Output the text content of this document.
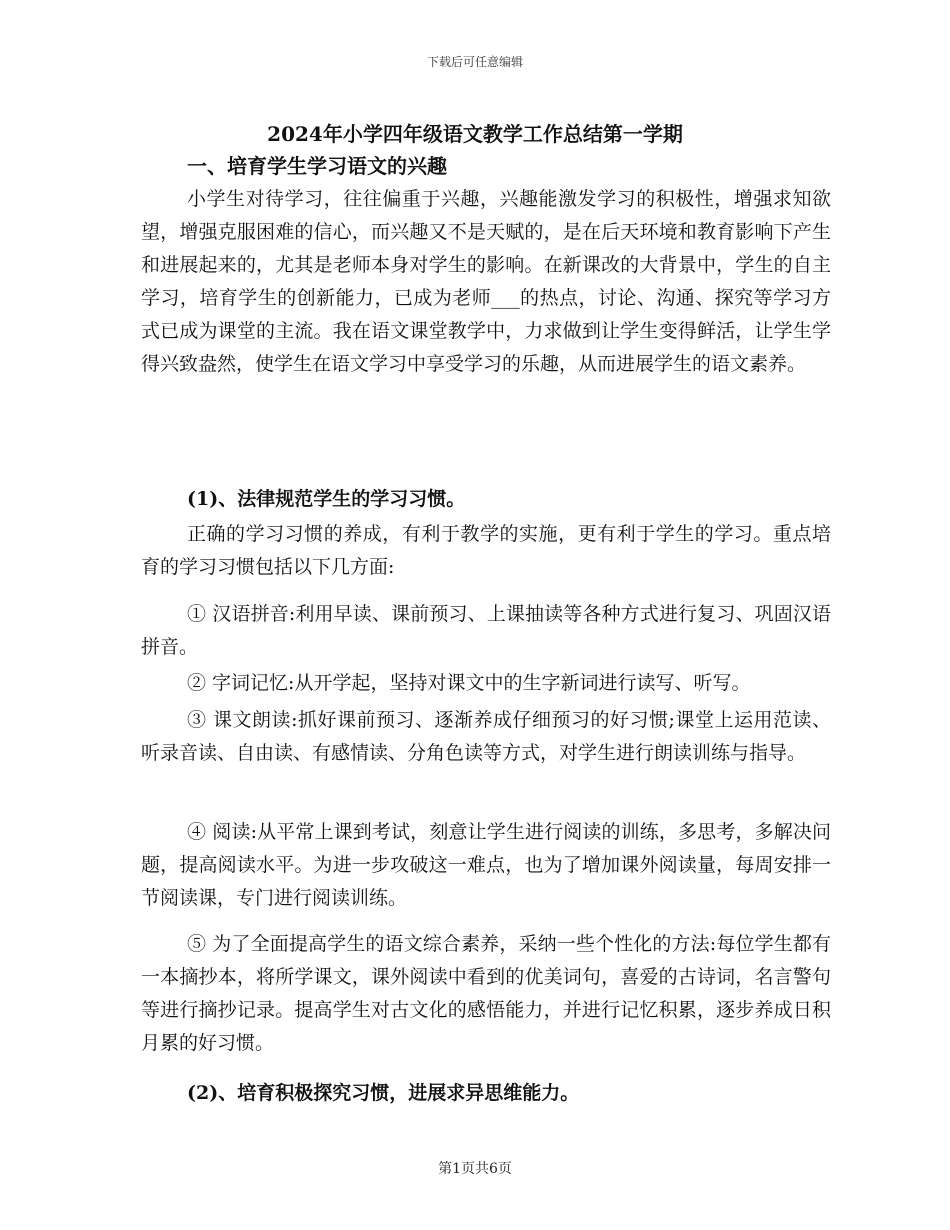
下载后可任意编辑
2024年小学四年级语文教学工作总结第一学期
一、培育学生学习语文的兴趣
小学生对待学习，往往偏重于兴趣，兴趣能激发学习的积极性，增强求知欲望，增强克服困难的信心，而兴趣又不是天赋的，是在后天环境和教育影响下产生和进展起来的，尤其是老师本身对学生的影响。在新课改的大背景中，学生的自主学习，培育学生的创新能力，已成为老师___的热点，讨论、沟通、探究等学习方式已成为课堂的主流。我在语文课堂教学中，力求做到让学生变得鲜活，让学生学得兴致盎然，使学生在语文学习中享受学习的乐趣，从而进展学生的语文素养。
(1)、法律规范学生的学习习惯。
正确的学习习惯的养成，有利于教学的实施，更有利于学生的学习。重点培育的学习习惯包括以下几方面:
① 汉语拼音:利用早读、课前预习、上课抽读等各种方式进行复习、巩固汉语拼音。
② 字词记忆:从开学起，坚持对课文中的生字新词进行读写、听写。
③ 课文朗读:抓好课前预习、逐渐养成仔细预习的好习惯;课堂上运用范读、听录音读、自由读、有感情读、分角色读等方式，对学生进行朗读训练与指导。
④ 阅读:从平常上课到考试，刻意让学生进行阅读的训练，多思考，多解决问题，提高阅读水平。为进一步攻破这一难点，也为了增加课外阅读量，每周安排一节阅读课，专门进行阅读训练。
⑤ 为了全面提高学生的语文综合素养，采纳一些个性化的方法:每位学生都有一本摘抄本，将所学课文，课外阅读中看到的优美词句，喜爱的古诗词，名言警句等进行摘抄记录。提高学生对古文化的感悟能力，并进行记忆积累，逐步养成日积月累的好习惯。
(2)、培育积极探究习惯，进展求异思维能力。
第1页共6页
